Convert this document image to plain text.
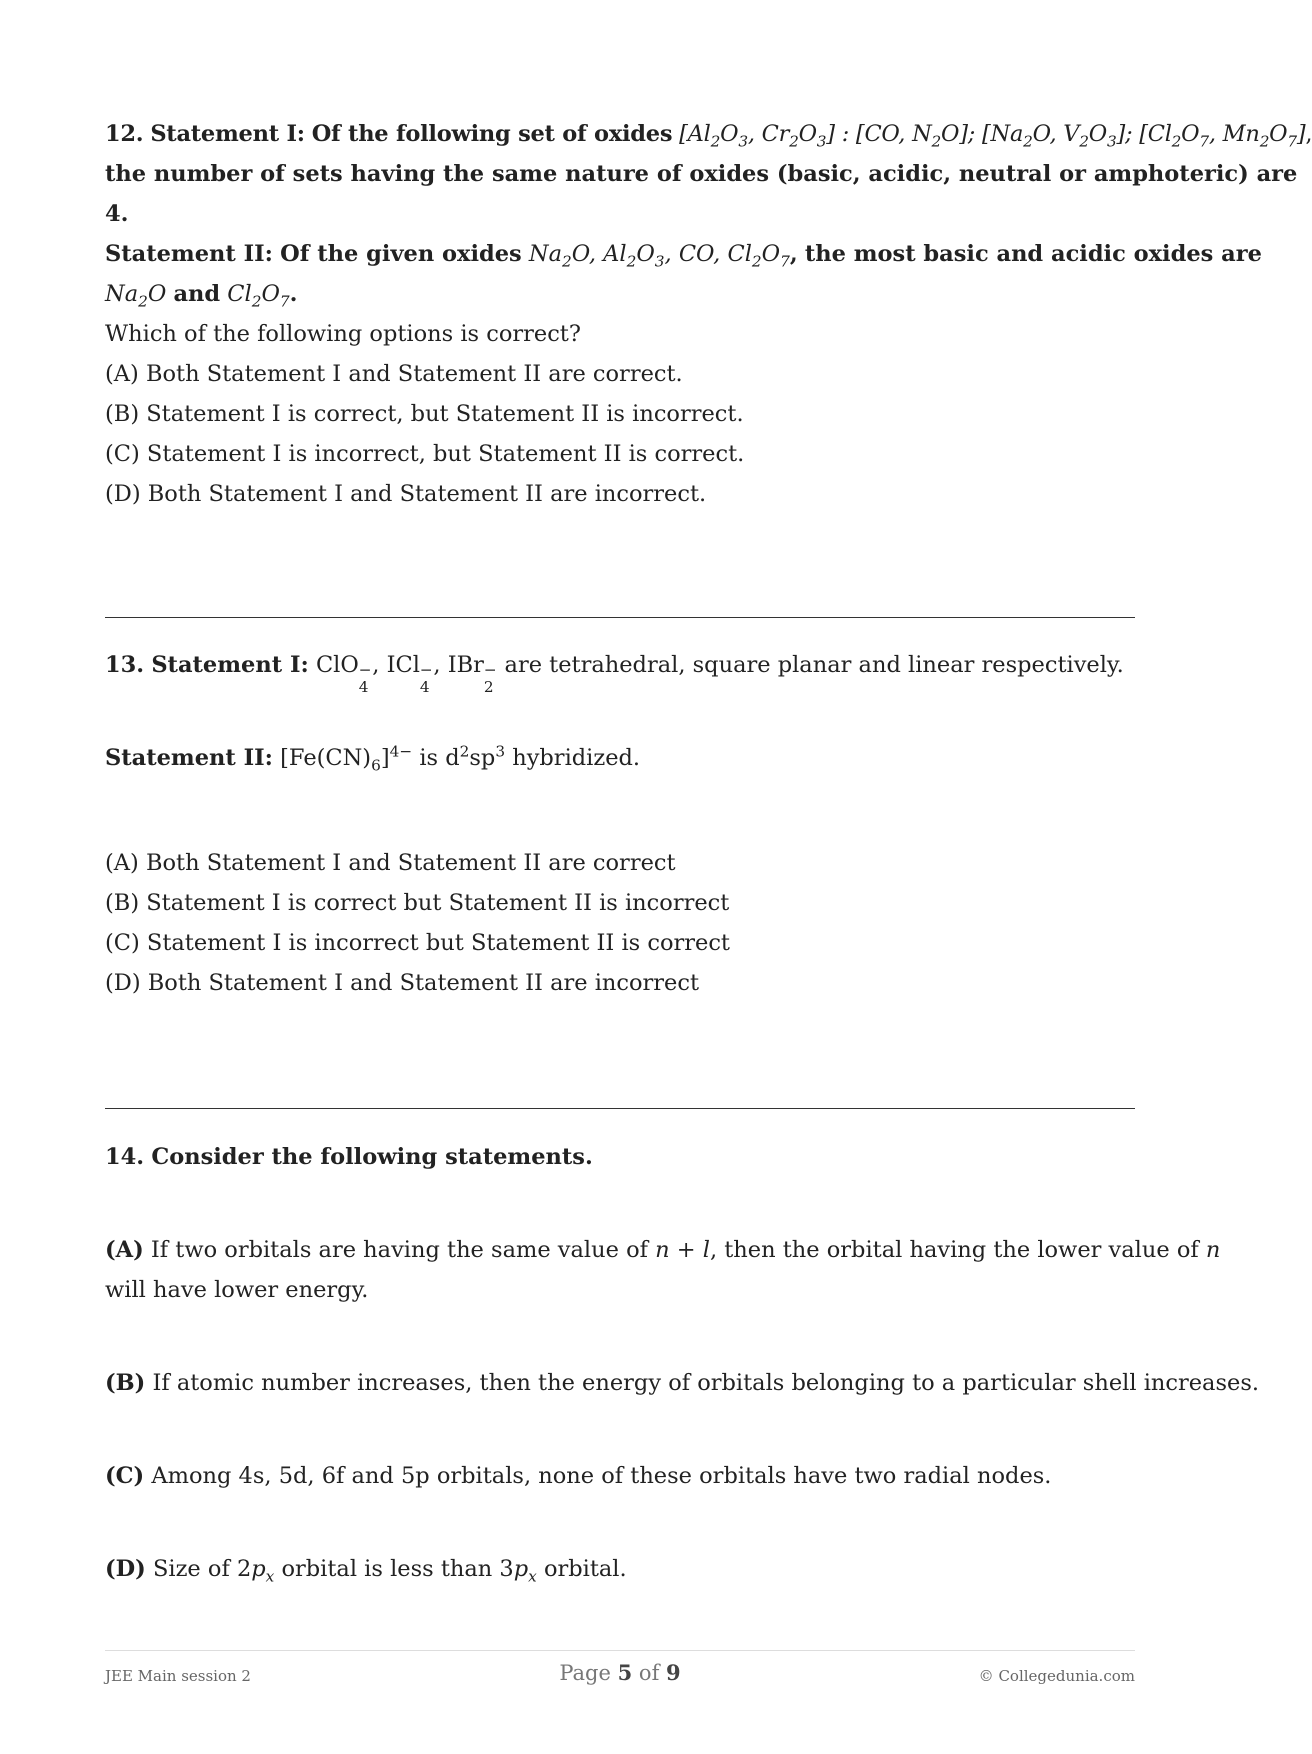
12. Statement I: Of the following set of oxides [$Al_2O_3$, $Cr_2O_3$] : [CO, $N_2O$]; [$Na_2O$, $V_2O_3$]; [$Cl_2O_7$, $Mn_2O_7$],
the number of sets having the same nature of oxides (basic, acidic, neutral or amphoteric) are
4.
Statement II: Of the given oxides $Na_2O$, $Al_2O_3$, CO, $Cl_2O_7$, the most basic and acidic oxides are
$Na_2O$ and $Cl_2O_7$.
Which of the following options is correct?
(A) Both Statement I and Statement II are correct.
(B) Statement I is correct, but Statement II is incorrect.
(C) Statement I is incorrect, but Statement II is correct.
(D) Both Statement I and Statement II are incorrect.
13. Statement I: ClO −
4
, ICl −
4
, IBr −
2
are tetrahedral, square planar and linear respectively.
Statement II: $[Fe(CN)_6]^{4-}$ is $d^2sp^3$ hybridized.
(A) Both Statement I and Statement II are correct
(B) Statement I is correct but Statement II is incorrect
(C) Statement I is incorrect but Statement II is correct
(D) Both Statement I and Statement II are incorrect
14. Consider the following statements.
(A) If two orbitals are having the same value of n + l, then the orbital having the lower value of n
will have lower energy.
(B) If atomic number increases, then the energy of orbitals belonging to a particular shell increases.
(C) Among 4s, 5d, 6f and 5p orbitals, none of these orbitals have two radial nodes.
(D) Size of $2p_x$ orbital is less than $3p_x$ orbital.
JEE Main session 2	Page 5 of 9	© Collegedunia.com
